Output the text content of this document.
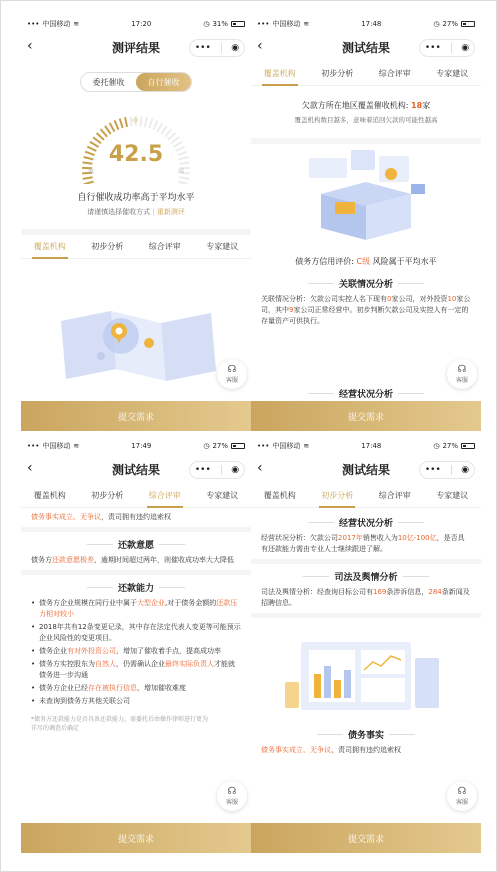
••• 中国移动 ≋	17:20	◷ 31%
‹	测评结果	••• ◉
委托催收	自行催收
中
低	高
42.5
自行催收成功率高于平均水平
请谨慎选择催收方式 | 重新测评
覆盖机构	初步分析	综合评审	专家建议
☊
客服
提交需求
••• 中国移动 ≋	17:48	◷ 27%
‹	测试结果	••• ◉
覆盖机构	初步分析	综合评审	专家建议
欠款方所在地区覆盖催收机构: 18家
覆盖机构数目越多，意味着追回欠款的可能性越高
债务方信用评价: C级 风险属于平均水平
关联情况分析
关联情况分析：欠款公司实控人名下现有0家公司，对外投资10家公司，其中9家公司正常经营中。初步判断欠款公司及实控人有一定的存量资产可供执行。
☊
客服
经营状况分析
提交需求
••• 中国移动 ≋	17:49	◷ 27%
‹	测试结果	••• ◉
覆盖机构	初步分析	综合评审	专家建议
债务事实成立、无争议，责司拥有违约追索权
还款意愿
债务方还款意愿极差，逾期时间超过两年，则催收成功率大大降低
还款能力
• 债务方企业规模在同行业中属于大型企业,对于债务金额的还款压力相对较小
• 2018年共有12条变更记录，其中存在法定代表人变更等可能预示企业风险性的变更项目。
• 债务企业有对外投资公司，增加了催收着手点，提高成功率
• 债务方实控股东为自然人，仍需确认企业最终实际负责人才能就债务进一步沟通
• 债务方企业已经存在被执行信息，增加催收难度
• 未查询到债务方其他关联公司
*债务方还款能力是否具备还款能力，需委托后由操作律师进行更为详尽的调查后确定
☊
客服
提交需求
••• 中国移动 ≋	17:48	◷ 27%
‹	测试结果	••• ◉
覆盖机构	初步分析	综合评审	专家建议
经营状况分析
经营状况分析：欠款公司2017年销售收入为10亿-100亿，是否具有还款能力需由专业人士继续跟进了解。
司法及舆情分析
司法及舆情分析：经查询目标公司有169条涉诉信息，284条新闻及招聘信息。
债务事实
债务事实成立、无争议，责司拥有违约追索权
☊
客服
提交需求
